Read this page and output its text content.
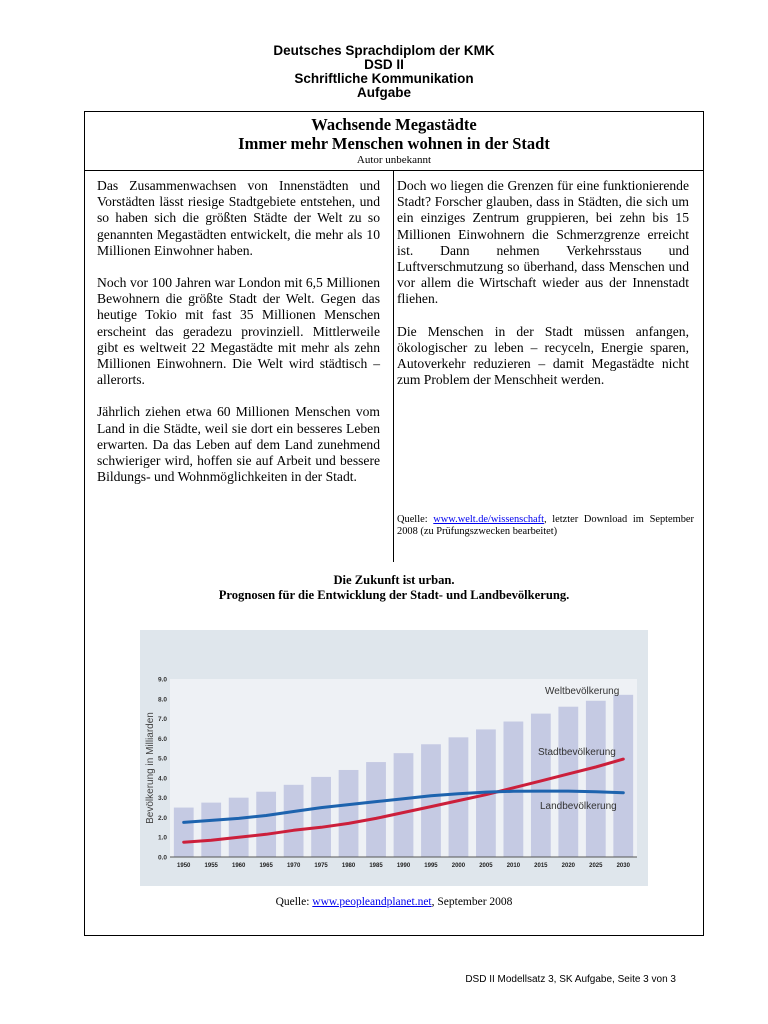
Deutsches Sprachdiplom der KMK
DSD II
Schriftliche Kommunikation
Aufgabe
Wachsende Megastädte
Immer mehr Menschen wohnen in der Stadt
Autor unbekannt

Das Zusammenwachsen von Innenstädten und Vorstädten lässt riesige Stadtgebiete entstehen, und so haben sich die größten Städte der Welt zu so genannten Megastädten entwickelt, die mehr als 10 Millionen Einwohner haben.

Noch vor 100 Jahren war London mit 6,5 Millionen Bewohnern die größte Stadt der Welt. Gegen das heutige Tokio mit fast 35 Millionen Menschen erscheint das geradezu provinziell. Mittlerweile gibt es weltweit 22 Megastädte mit mehr als zehn Millionen Einwohnern. Die Welt wird städtisch – allerorts.

Jährlich ziehen etwa 60 Millionen Menschen vom Land in die Städte, weil sie dort ein besseres Leben erwarten. Da das Leben auf dem Land zunehmend schwieriger wird, hoffen sie auf Arbeit und bessere Bildungs- und Wohnmöglichkeiten in der Stadt.

Doch wo liegen die Grenzen für eine funktionierende Stadt? Forscher glauben, dass in Städten, die sich um ein einziges Zentrum gruppieren, bei zehn bis 15 Millionen Einwohnern die Schmerzgrenze erreicht ist. Dann nehmen Verkehrsstaus und Luftverschmutzung so überhand, dass Menschen und vor allem die Wirtschaft wieder aus der Innenstadt fliehen.

Die Menschen in der Stadt müssen anfangen, ökologischer zu leben – recyceln, Energie sparen, Autoverkehr reduzieren – damit Megastädte nicht zum Problem der Menschheit werden.

Quelle: www.welt.de/wissenschaft, letzter Download im September 2008 (zu Prüfungszwecken bearbeitet)
Die Zukunft ist urban.
Prognosen für die Entwicklung der Stadt- und Landbevölkerung.
0.0
1.0
2.0
3.0
4.0
5.0
6.0
7.0
8.0
9.0
Bevölkerung in Milliarden
1950 1955 1960 1965 1970 1975 1980 1985 1990 1995 2000 2005 2010 2015 2020 2025 2030
Weltbevölkerung
Stadtbevölkerung
Landbevölkerung
Quelle: www.peopleandplanet.net, September 2008
DSD II Modellsatz 3, SK Aufgabe, Seite 3 von 3
